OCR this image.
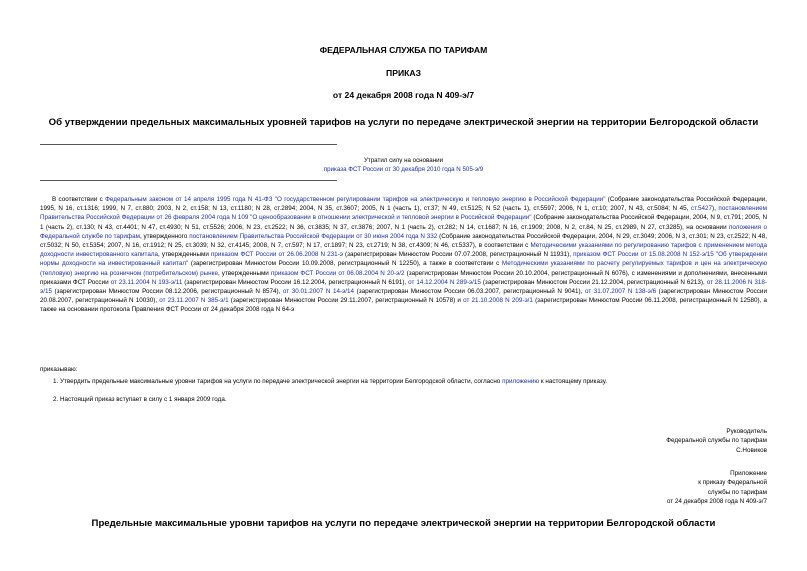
ФЕДЕРАЛЬНАЯ СЛУЖБА ПО ТАРИФАМ
ПРИКАЗ
от 24 декабря 2008 года N 409-э/7
Об утверждении предельных максимальных уровней тарифов на услуги по передаче электрической энергии на территории Белгородской области
Утратил силу на основании
приказа ФСТ России от 30 декабря 2010 года N 505-э/9
В соответствии с Федеральным законом от 14 апреля 1995 года N 41-ФЗ "О государственном регулировании тарифов на электрическую и тепловую энергию в Российской Федерации" (Собрание законодательства Российской Федерации, 1995, N 16, ст.1316; 1999, N 7, ст.880; 2003, N 2, ст.158; N 13, ст.1180; N 28, ст.2894; 2004, N 35, ст.3607; 2005, N 1 (часть 1), ст.37; N 49, ст.5125; N 52 (часть 1), ст.5597; 2006, N 1, ст.10; 2007, N 43, ст.5084; N 45, ст.5427), постановлением Правительства Российской Федерации от 26 февраля 2004 года N 109 "О ценообразовании в отношении электрической и тепловой энергии в Российской Федерации" (Собрание законодательства Российской Федерации, 2004, N 9, ст.791; 2005, N 1 (часть 2), ст.130; N 43, ст.4401; N 47, ст.4930; N 51, ст.5526; 2006, N 23, ст.2522; N 36, ст.3835; N 37, ст.3876; 2007, N 1 (часть 2), ст.282; N 14, ст.1687; N 16, ст.1909; 2008, N 2, ст.84, N 25, ст.2989, N 27, ст.3285), на основании положения о Федеральной службе по тарифам, утвержденного постановлением Правительства Российской Федерации от 30 июня 2004 года N 332 (Собрание законодательства Российской Федерации, 2004, N 29, ст.3049; 2006, N 3, ст.301; N 23, ст.2522; N 48, ст.5032; N 50, ст.5354; 2007, N 16, ст.1912; N 25, ст.3039; N 32, ст.4145; 2008, N 7, ст.597; N 17, ст.1897; N 23, ст.2719; N 38, ст.4309; N 46, ст.5337), в соответствии с Методическими указаниями по регулированию тарифов с применением метода доходности инвестированного капитала, утвержденными приказом ФСТ России от 26.06.2008 N 231-э (зарегистрирован Минюстом России 07.07.2008, регистрационный N 11931), приказом ФСТ России от 15.08.2008 N 152-э/15 "Об утверждении нормы доходности на инвестированный капитал" (зарегистрирован Минюстом России 10.09.2008, регистрационный N 12250), а также в соответствии с Методическими указаниями по расчету регулируемых тарифов и цен на электрическую (тепловую) энергию на розничном (потребительском) рынке, утвержденными приказом ФСТ России от 06.08.2004 N 20-э/2 (зарегистрирован Минюстом России 20.10.2004, регистрационный N 6076), с изменениями и дополнениями, внесенными приказами ФСТ России от 23.11.2004 N 193-э/11 (зарегистрирован Минюстом России 16.12.2004, регистрационный N 6191), от 14.12.2004 N 289-э/15 (зарегистрирован Минюстом России 21.12.2004, регистрационный N 6213), от 28.11.2006 N 318-э/15 (зарегистрирован Минюстом России 08.12.2006, регистрационный N 8574), от 30.01.2007 N 14-э/14 (зарегистрирован Минюстом России 06.03.2007, регистрационный N 9041), от 31.07.2007 N 138-э/6 (зарегистрирован Минюстом России 20.08.2007, регистрационный N 10030), от 23.11.2007 N 385-э/1 (зарегистрирован Минюстом России 29.11.2007, регистрационный N 10578) и от 21.10.2008 N 209-э/1 (зарегистрирован Минюстом России 06.11.2008, регистрационный N 12580), а также на основании протокола Правления ФСТ России от 24 декабря 2008 года N 64-э
приказываю:
1. Утвердить предельные максимальные уровни тарифов на услуги по передаче электрической энергии на территории Белгородской области, согласно приложению к настоящему приказу.
2. Настоящий приказ вступает в силу с 1 января 2009 года.
Руководитель
Федеральной службы по тарифам
С.Новиков
Приложение
к приказу Федеральной
службы по тарифам
от 24 декабря 2008 года N 409-э/7
Предельные максимальные уровни тарифов на услуги по передаче электрической энергии на территории Белгородской области
